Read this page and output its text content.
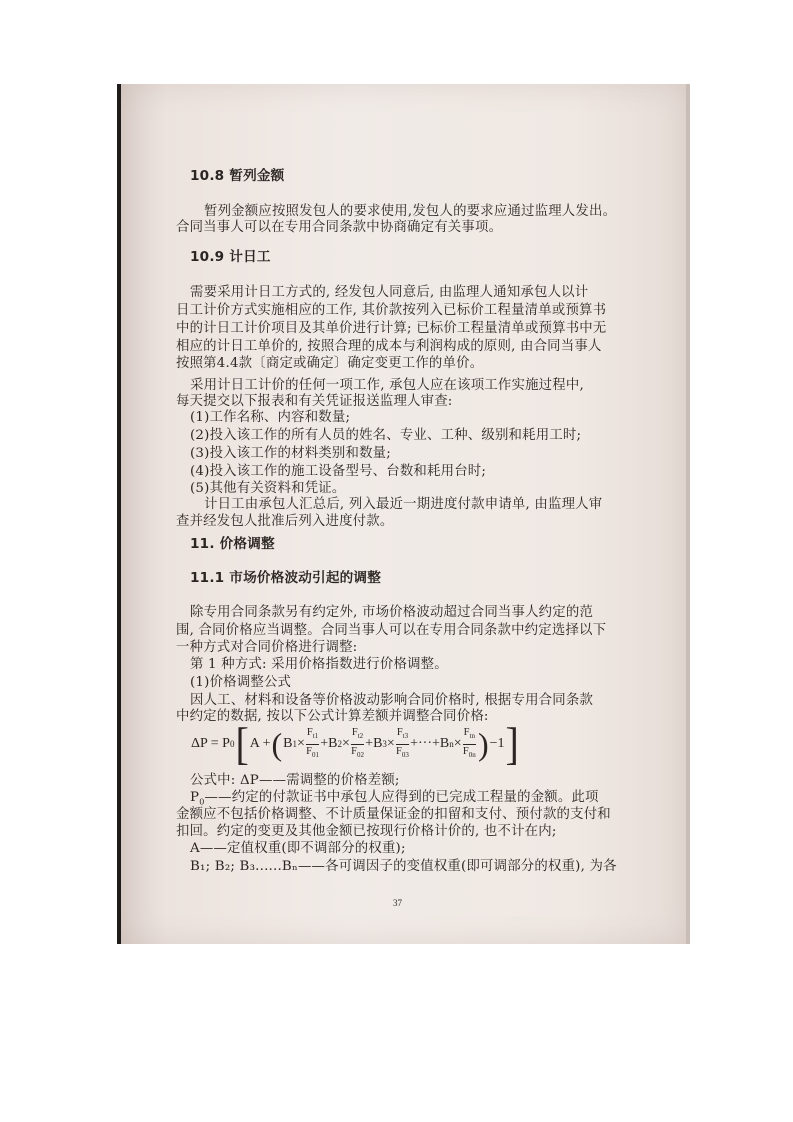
10.8 暂列金额
暂列金额应按照发包人的要求使用,发包人的要求应通过监理人发出。
合同当事人可以在专用合同条款中协商确定有关事项。
10.9 计日工
需要采用计日工方式的, 经发包人同意后, 由监理人通知承包人以计
日工计价方式实施相应的工作, 其价款按列入已标价工程量清单或预算书
中的计日工计价项目及其单价进行计算; 已标价工程量清单或预算书中无
相应的计日工单价的, 按照合理的成本与利润构成的原则, 由合同当事人
按照第4.4款〔商定或确定〕确定变更工作的单价。
采用计日工计价的任何一项工作, 承包人应在该项工作实施过程中,
每天提交以下报表和有关凭证报送监理人审查:
(1)工作名称、内容和数量;
(2)投入该工作的所有人员的姓名、专业、工种、级别和耗用工时;
(3)投入该工作的材料类别和数量;
(4)投入该工作的施工设备型号、台数和耗用台时;
(5)其他有关资料和凭证。
计日工由承包人汇总后, 列入最近一期进度付款申请单, 由监理人审
查并经发包人批准后列入进度付款。
11. 价格调整
11.1 市场价格波动引起的调整
除专用合同条款另有约定外, 市场价格波动超过合同当事人约定的范
围, 合同价格应当调整。合同当事人可以在专用合同条款中约定选择以下
一种方式对合同价格进行调整:
第 1 种方式: 采用价格指数进行价格调整。
(1)价格调整公式
因人工、材料和设备等价格波动影响合同价格时, 根据专用合同条款
中约定的数据, 按以下公式计算差额并调整合同价格:
ΔP = P 0 [ A + ( B $1 \times \frac{F_{t1}}{F_{01}} + B$ $2 \times \frac{F_{t2}}{F_{02}} + B$ $3 \times \frac{F_{t3}}{F_{03}}$ +···+ B $n \times \frac{F_{tn}}{F_{0n}}$ ) −1 ]
公式中: ΔP——需调整的价格差额;
$P_0——$约定的付款证书中承包人应得到的已完成工程量的金额。此项
金额应不包括价格调整、不计质量保证金的扣留和支付、预付款的支付和
扣回。约定的变更及其他金额已按现行价格计价的, 也不计在内;
A——定值权重(即不调部分的权重);
B₁; B₂; B₃......Bₙ——各可调因子的变值权重(即可调部分的权重), 为各
37
